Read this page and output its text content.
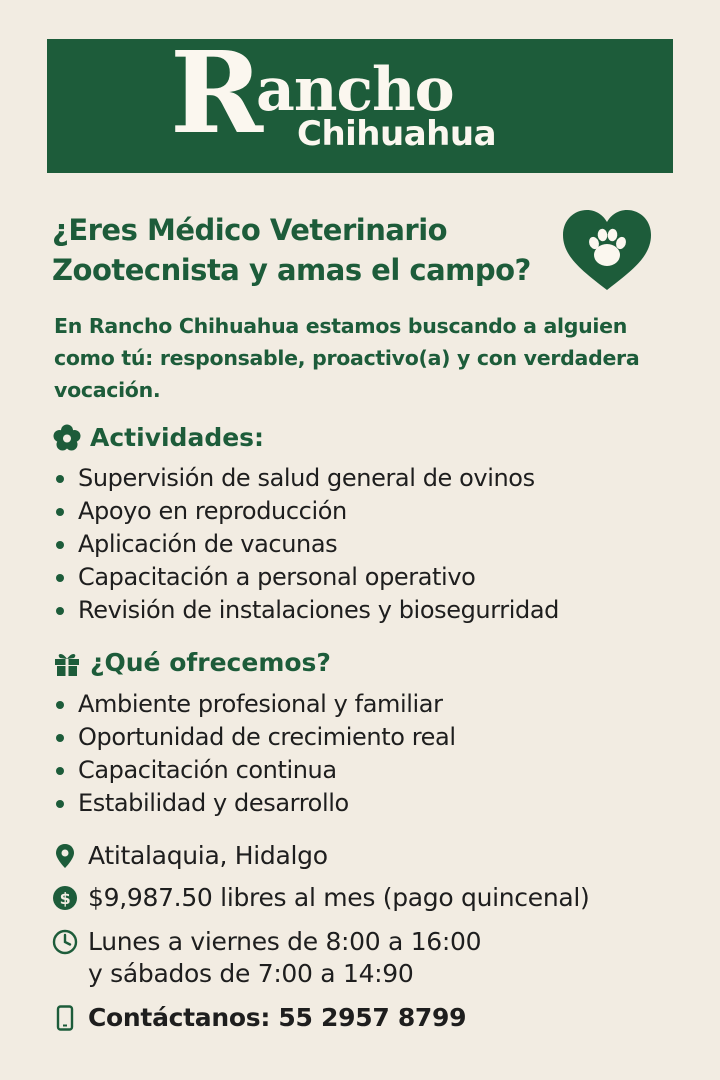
R
ancho
Chihuahua
¿Eres Médico Veterinario
Zootecnista y amas el campo?
En Rancho Chihuahua estamos buscando a alguien como tú: responsable, proactivo(a) y con verdadera vocación.
Actividades:
Supervisión de salud general de ovinos
Apoyo en reproducción
Aplicación de vacunas
Capacitación a personal operativo
Revisión de instalaciones y biosegurridad
¿Qué ofrecemos?
Ambiente profesional y familiar
Oportunidad de crecimiento real
Capacitación continua
Estabilidad y desarrollo
Atitalaquia, Hidalgo
$ $9,987.50 libres al mes (pago quincenal)
Lunes a viernes de 8:00 a 16:00
y sábados de 7:00 a 14:90
Contáctanos: 55 2957 8799
